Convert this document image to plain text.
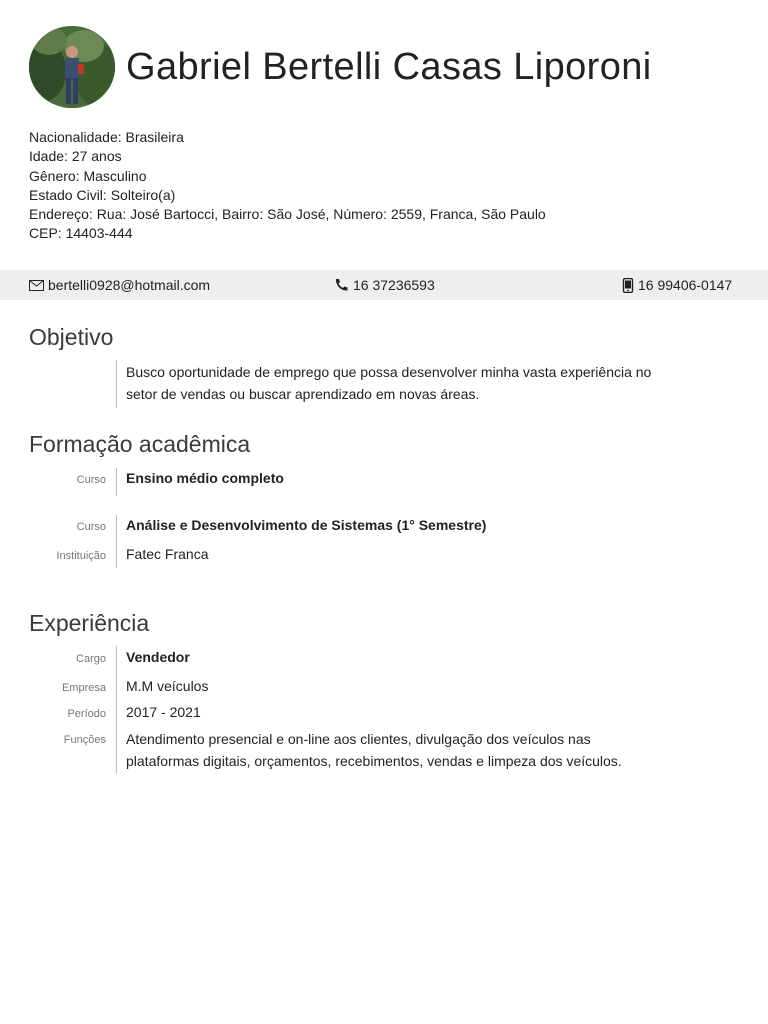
Gabriel Bertelli Casas Liporoni
Nacionalidade: Brasileira
Idade: 27 anos
Gênero: Masculino
Estado Civil: Solteiro(a)
Endereço: Rua: José Bartocci, Bairro: São José, Número: 2559, Franca, São Paulo
CEP: 14403-444
bertelli0928@hotmail.com	16 37236593	16 99406-0147
Objetivo
Busco oportunidade de emprego que possa desenvolver minha vasta experiência no setor de vendas ou buscar aprendizado em novas áreas.
Formação acadêmica
Curso Ensino médio completo
Curso Análise e Desenvolvimento de Sistemas (1° Semestre)
Instituição Fatec Franca
Experiência
Cargo Vendedor
Empresa M.M veículos
Período 2017 - 2021
Funções Atendimento presencial e on-line aos clientes, divulgação dos veículos nas plataformas digitais, orçamentos, recebimentos, vendas e limpeza dos veículos.
